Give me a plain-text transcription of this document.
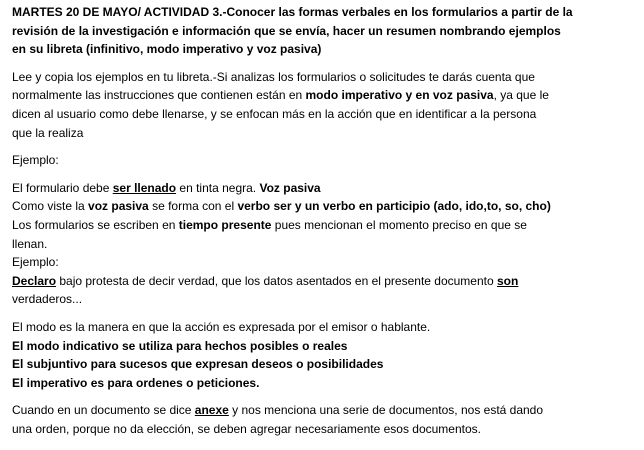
MARTES 20 DE MAYO/ ACTIVIDAD 3.-Conocer las formas verbales en los formularios a partir de la
revisión de la investigación e información que se envía, hacer un resumen nombrando ejemplos
en su libreta (infinitivo, modo imperativo y voz pasiva)
Lee y copia los ejemplos en tu libreta.-Si analizas los formularios o solicitudes te darás cuenta que
normalmente las instrucciones que contienen están en modo imperativo y en voz pasiva, ya que le
dicen al usuario como debe llenarse, y se enfocan más en la acción que en identificar a la persona
que la realiza
Ejemplo:
El formulario debe ser llenado en tinta negra. Voz pasiva
Como viste la voz pasiva se forma con el verbo ser y un verbo en participio (ado, ido,to, so, cho)
Los formularios se escriben en tiempo presente pues mencionan el momento preciso en que se
llenan.
Ejemplo:
Declaro bajo protesta de decir verdad, que los datos asentados en el presente documento son
verdaderos...
El modo es la manera en que la acción es expresada por el emisor o hablante.
El modo indicativo se utiliza para hechos posibles o reales
El subjuntivo para sucesos que expresan deseos o posibilidades
El imperativo es para ordenes o peticiones.
Cuando en un documento se dice anexe y nos menciona una serie de documentos, nos está dando
una orden, porque no da elección, se deben agregar necesariamente esos documentos.
